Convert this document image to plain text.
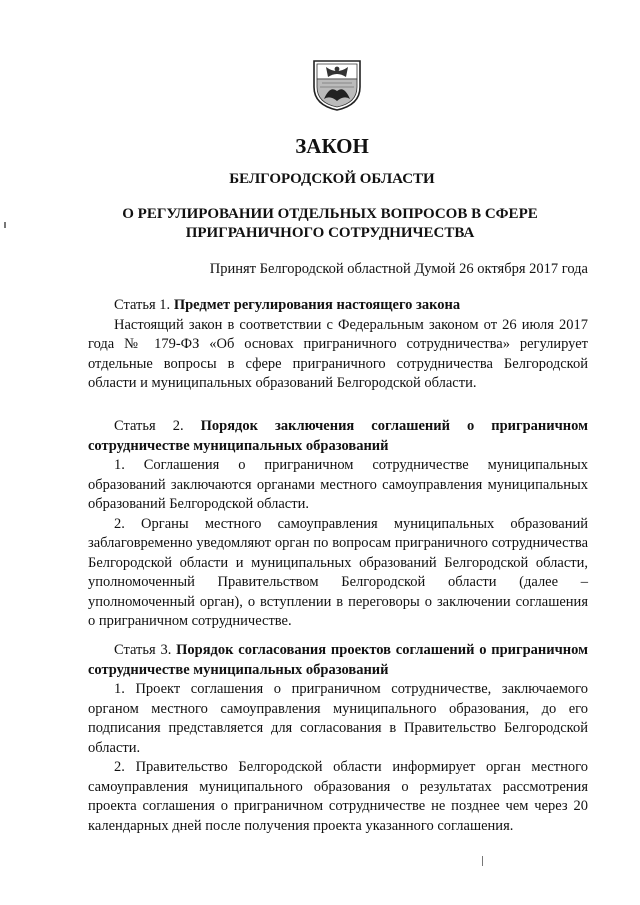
ЗАКОН
БЕЛГОРОДСКОЙ ОБЛАСТИ
О РЕГУЛИРОВАНИИ ОТДЕЛЬНЫХ ВОПРОСОВ В СФЕРЕ
ПРИГРАНИЧНОГО СОТРУДНИЧЕСТВА
Принят Белгородской областной Думой 26 октября 2017 года

Статья 1. Предмет регулирования настоящего закона

Настоящий закон в соответствии с Федеральным законом от 26 июля 2017 года № 179-ФЗ «Об основах приграничного сотрудничества» регулирует отдельные вопросы в сфере приграничного сотрудничества Белгородской области и муниципальных образований Белгородской области.

Статья 2. Порядок заключения соглашений о приграничном сотрудничестве муниципальных образований

1. Соглашения о приграничном сотрудничестве муниципальных образований заключаются органами местного самоуправления муниципальных образований Белгородской области.

2. Органы местного самоуправления муниципальных образований заблаговременно уведомляют орган по вопросам приграничного сотрудничества Белгородской области и муниципальных образований Белгородской области, уполномоченный Правительством Белгородской области (далее – уполномоченный орган), о вступлении в переговоры о заключении соглашения о приграничном сотрудничестве.

Статья 3. Порядок согласования проектов соглашений о приграничном сотрудничестве муниципальных образований

1. Проект соглашения о приграничном сотрудничестве, заключаемого органом местного самоуправления муниципального образования, до его подписания представляется для согласования в Правительство Белгородской области.

2. Правительство Белгородской области информирует орган местного самоуправления муниципального образования о результатах рассмотрения проекта соглашения о приграничном сотрудничестве не позднее чем через 20 календарных дней после получения проекта указанного соглашения.
